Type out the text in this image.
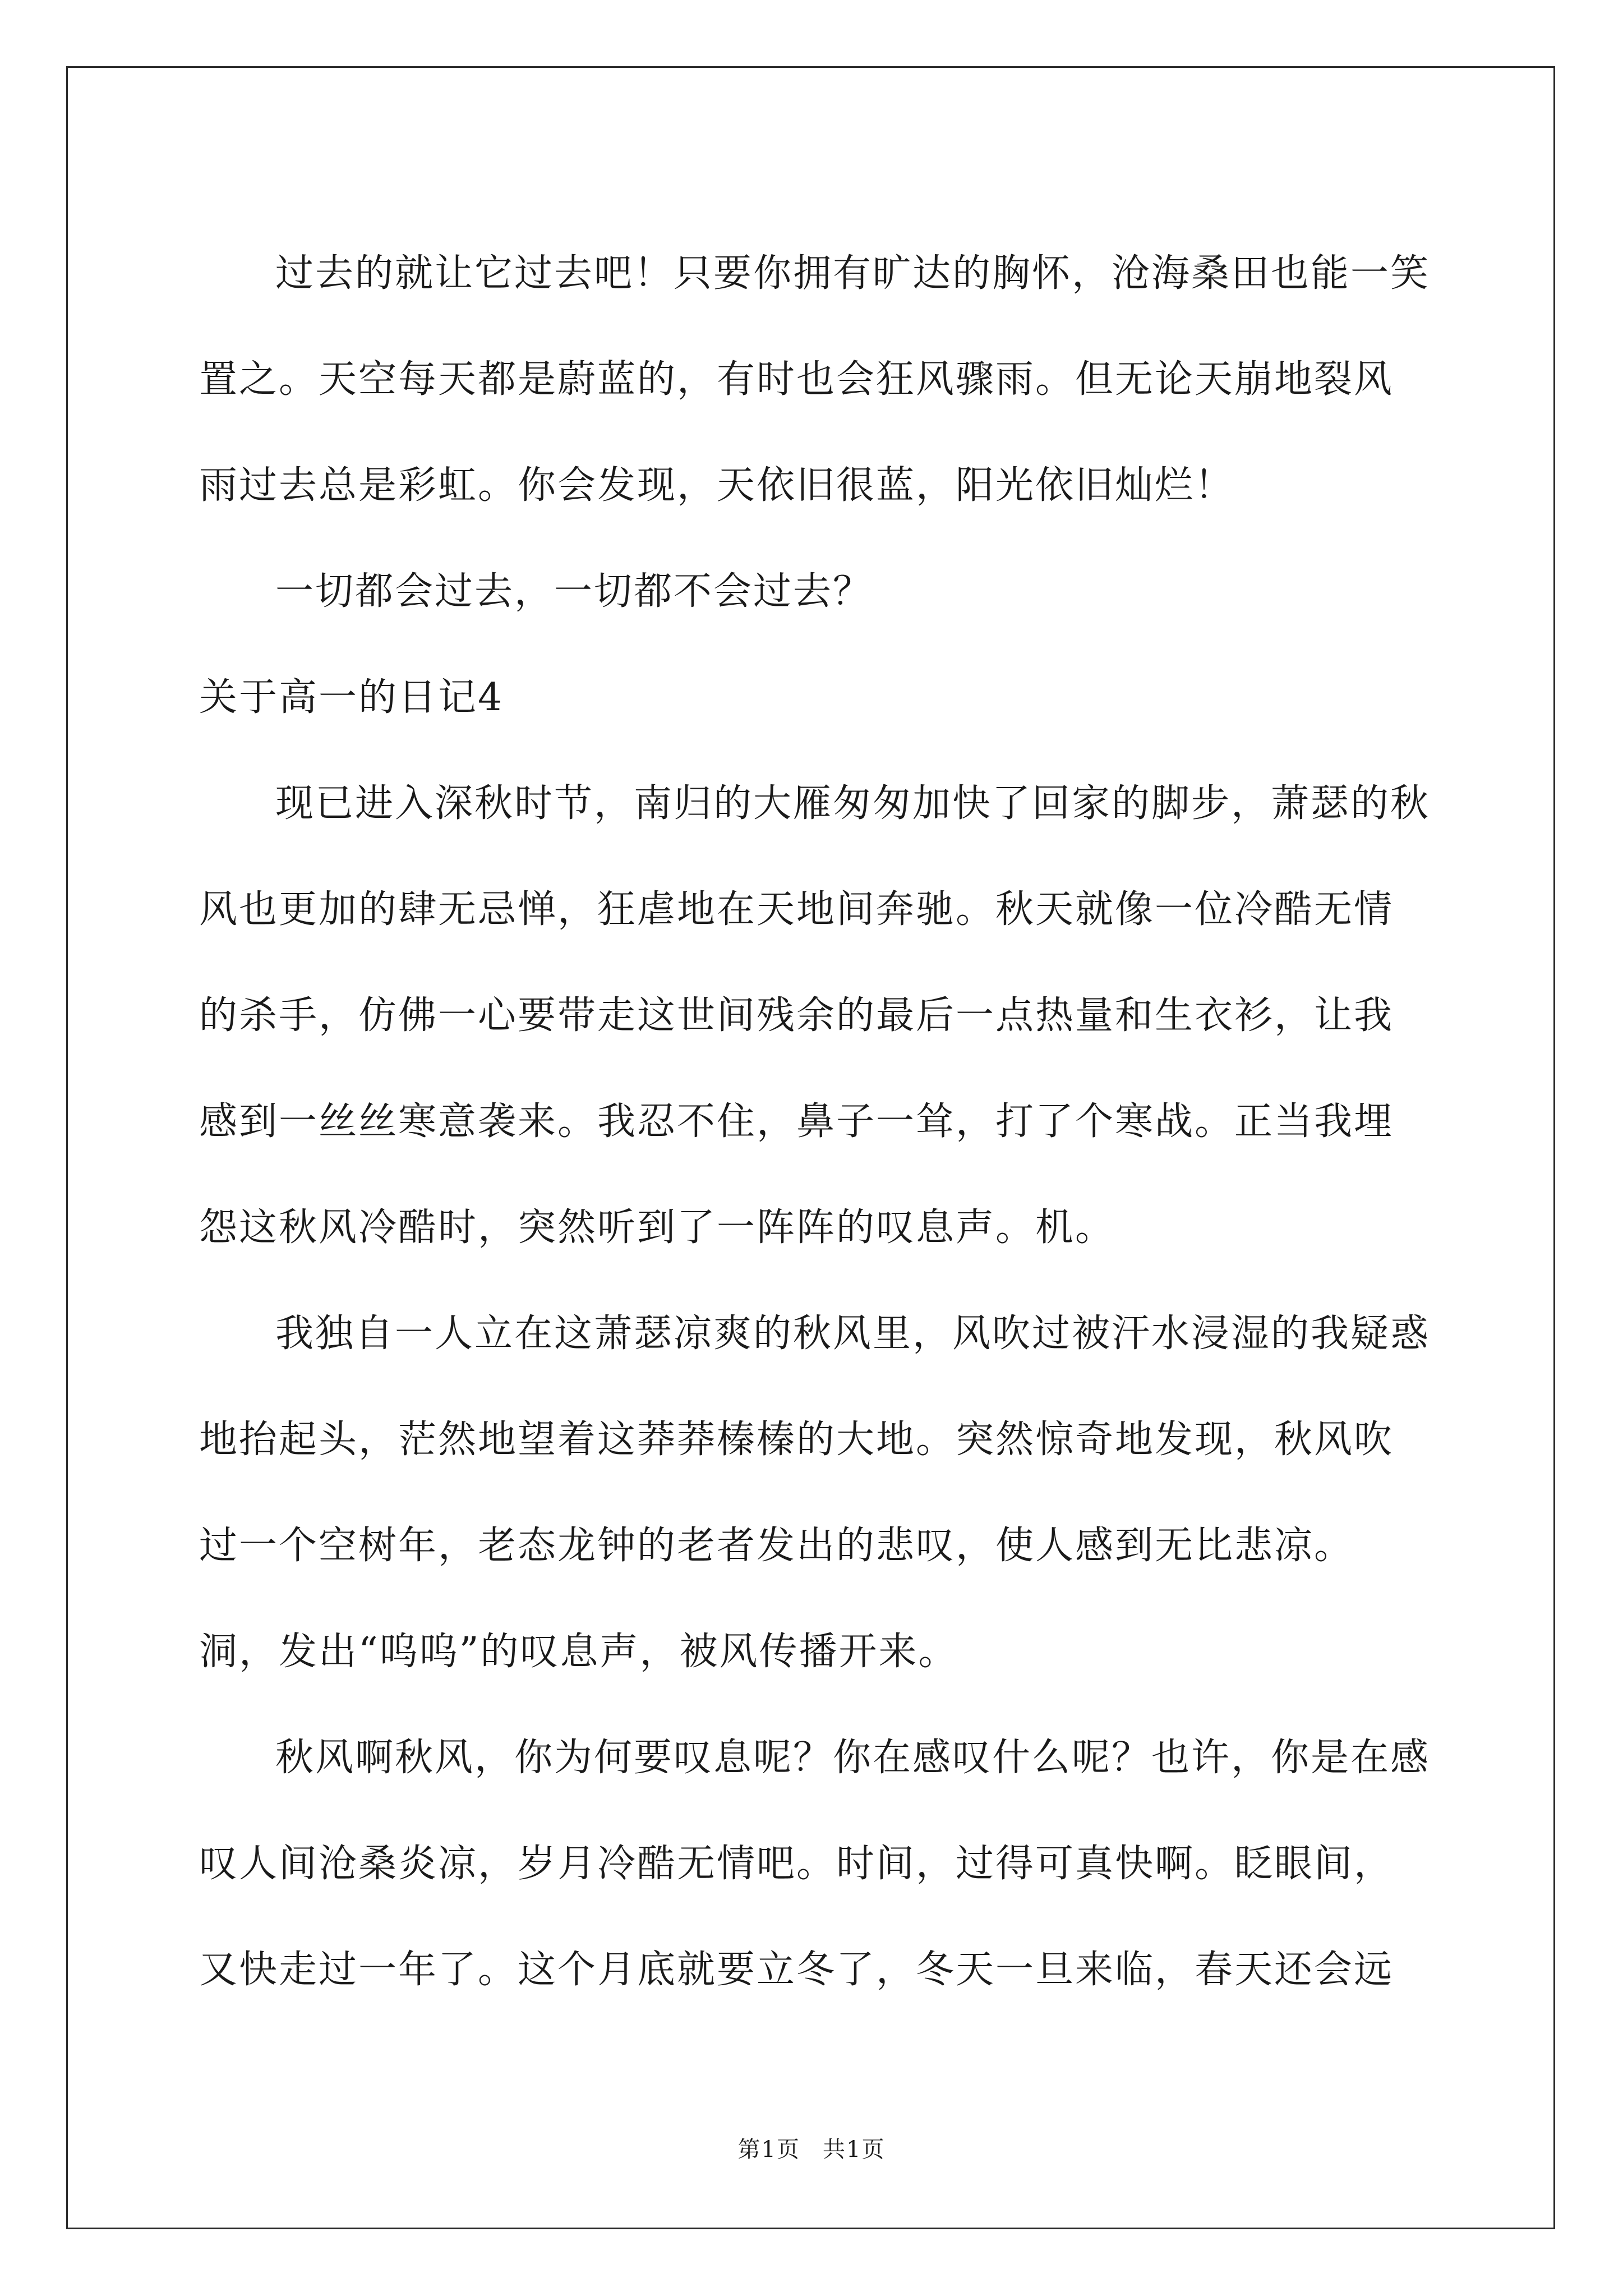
过去的就让它过去吧！只要你拥有旷达的胸怀，沧海桑田也能一笑置之。天空每天都是蔚蓝的，有时也会狂风骤雨。但无论天崩地裂风雨过去总是彩虹。你会发现，天依旧很蓝，阳光依旧灿烂！

一切都会过去，一切都不会过去？

关于高一的日记4

现已进入深秋时节，南归的大雁匆匆加快了回家的脚步，萧瑟的秋风也更加的肆无忌惮，狂虐地在天地间奔驰。秋天就像一位冷酷无情的杀手，仿佛一心要带走这世间残余的最后一点热量和生衣衫，让我感到一丝丝寒意袭来。我忍不住，鼻子一耸，打了个寒战。正当我埋怨这秋风冷酷时，突然听到了一阵阵的叹息声。机。

我独自一人立在这萧瑟凉爽的秋风里，风吹过被汗水浸湿的我疑惑地抬起头，茫然地望着这莽莽榛榛的大地。突然惊奇地发现，秋风吹过一个空树年，老态龙钟的老者发出的悲叹，使人感到无比悲凉。洞，发出“呜呜”的叹息声，被风传播开来。

秋风啊秋风，你为何要叹息呢？你在感叹什么呢？也许，你是在感叹人间沧桑炎凉，岁月冷酷无情吧。时间，过得可真快啊。眨眼间，又快走过一年了。这个月底就要立冬了，冬天一旦来临，春天还会远

第1页 共1页
